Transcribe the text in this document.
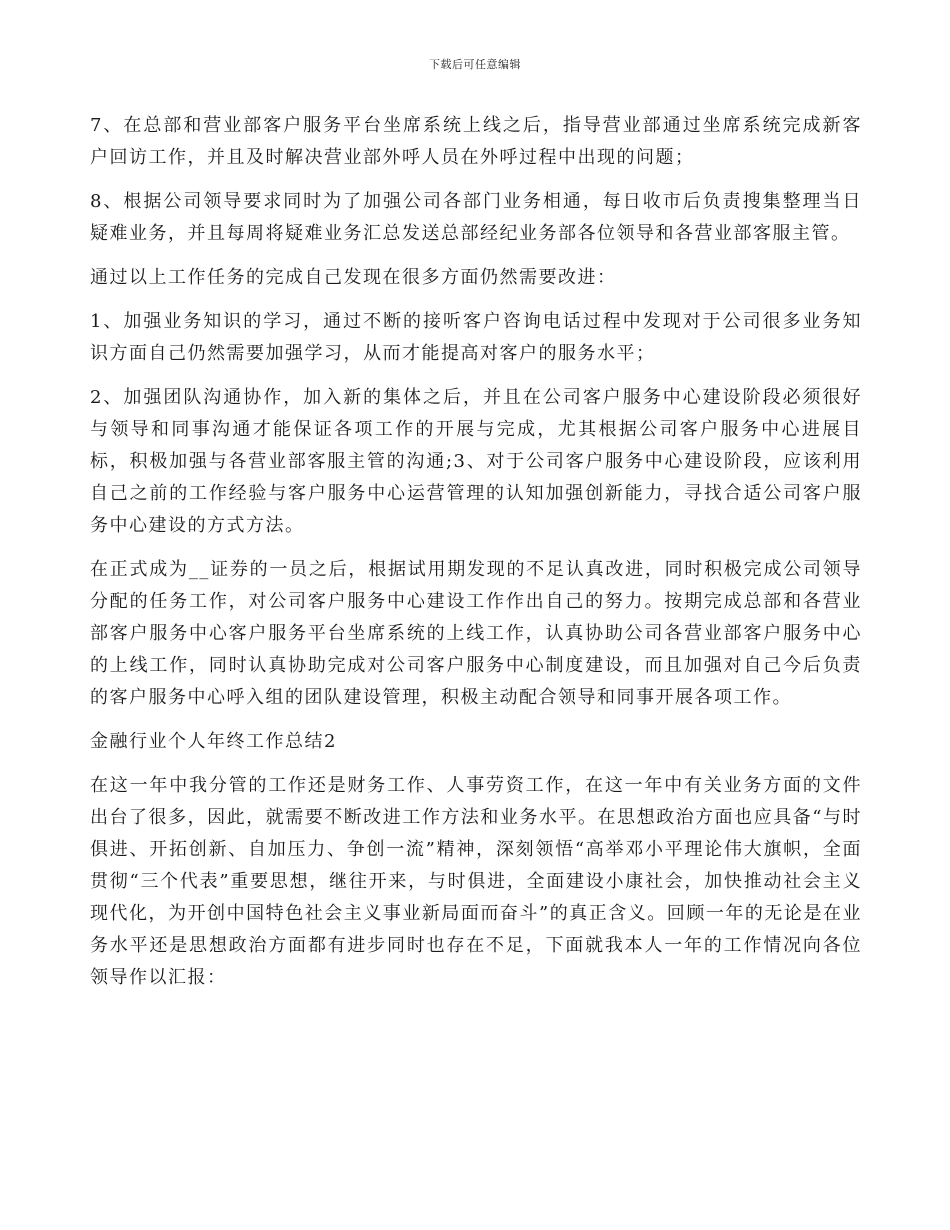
下载后可任意编辑

7、在总部和营业部客户服务平台坐席系统上线之后，指导营业部通过坐席系统完成新客户回访工作，并且及时解决营业部外呼人员在外呼过程中出现的问题；

8、根据公司领导要求同时为了加强公司各部门业务相通，每日收市后负责搜集整理当日疑难业务，并且每周将疑难业务汇总发送总部经纪业务部各位领导和各营业部客服主管。

通过以上工作任务的完成自己发现在很多方面仍然需要改进：

1、加强业务知识的学习，通过不断的接听客户咨询电话过程中发现对于公司很多业务知识方面自己仍然需要加强学习，从而才能提高对客户的服务水平；

2、加强团队沟通协作，加入新的集体之后，并且在公司客户服务中心建设阶段必须很好与领导和同事沟通才能保证各项工作的开展与完成，尤其根据公司客户服务中心进展目标，积极加强与各营业部客服主管的沟通;3、对于公司客户服务中心建设阶段，应该利用自己之前的工作经验与客户服务中心运营管理的认知加强创新能力，寻找合适公司客户服务中心建设的方式方法。

在正式成为__证券的一员之后，根据试用期发现的不足认真改进，同时积极完成公司领导分配的任务工作，对公司客户服务中心建设工作作出自己的努力。按期完成总部和各营业部客户服务中心客户服务平台坐席系统的上线工作，认真协助公司各营业部客户服务中心的上线工作，同时认真协助完成对公司客户服务中心制度建设，而且加强对自己今后负责的客户服务中心呼入组的团队建设管理，积极主动配合领导和同事开展各项工作。

金融行业个人年终工作总结2

在这一年中我分管的工作还是财务工作、人事劳资工作，在这一年中有关业务方面的文件出台了很多，因此，就需要不断改进工作方法和业务水平。在思想政治方面也应具备“与时俱进、开拓创新、自加压力、争创一流”精神，深刻领悟“高举邓小平理论伟大旗帜，全面贯彻“三个代表”重要思想，继往开来，与时俱进，全面建设小康社会，加快推动社会主义现代化，为开创中国特色社会主义事业新局面而奋斗”的真正含义。回顾一年的无论是在业务水平还是思想政治方面都有进步同时也存在不足，下面就我本人一年的工作情况向各位领导作以汇报：
